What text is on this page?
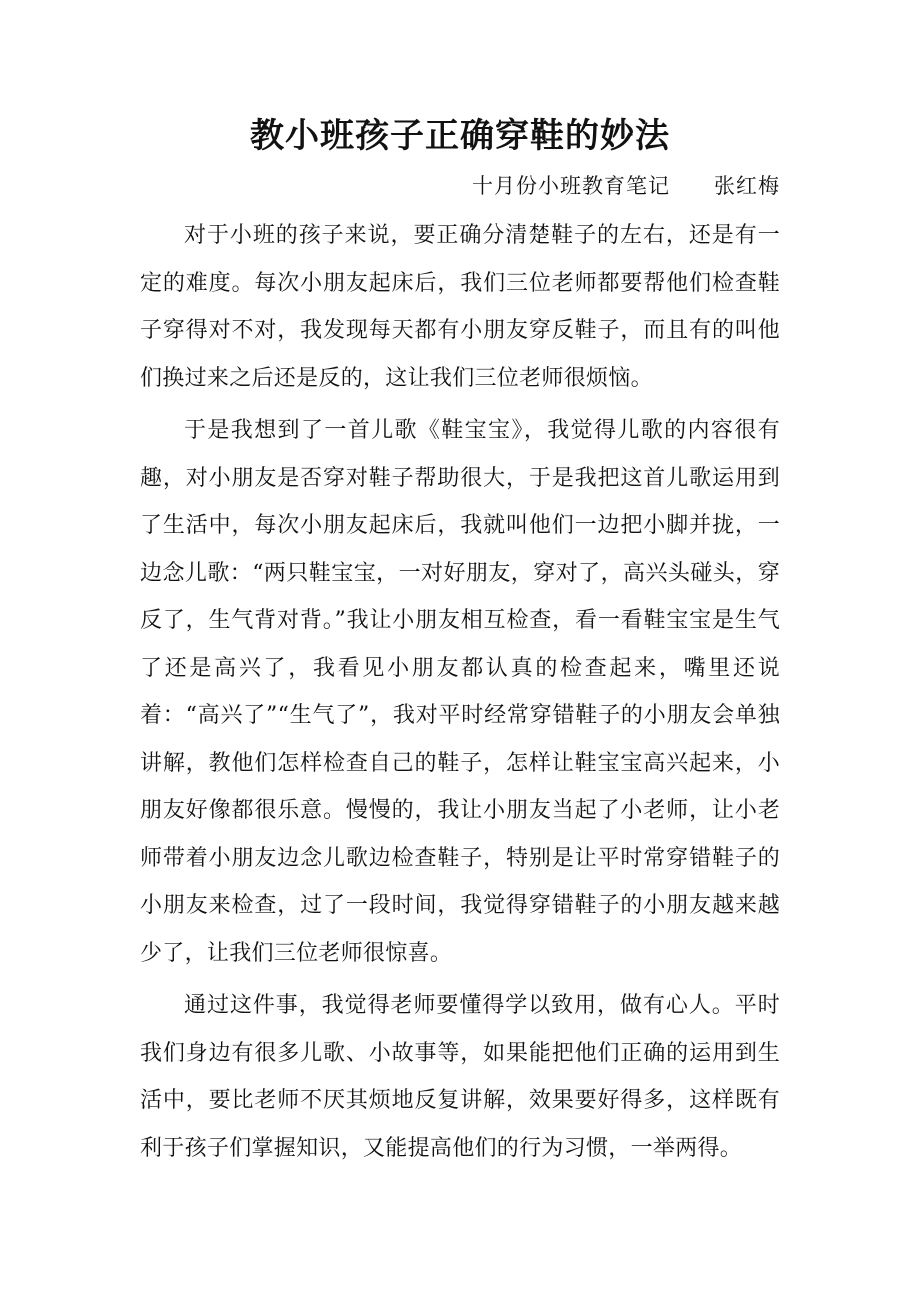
教小班孩子正确穿鞋的妙法
十月份小班教育笔记　　张红梅

对于小班的孩子来说，要正确分清楚鞋子的左右，还是有一定的难度。每次小朋友起床后，我们三位老师都要帮他们检查鞋子穿得对不对，我发现每天都有小朋友穿反鞋子，而且有的叫他们换过来之后还是反的，这让我们三位老师很烦恼。

于是我想到了一首儿歌《鞋宝宝》，我觉得儿歌的内容很有趣，对小朋友是否穿对鞋子帮助很大，于是我把这首儿歌运用到了生活中，每次小朋友起床后，我就叫他们一边把小脚并拢，一边念儿歌：“两只鞋宝宝，一对好朋友，穿对了，高兴头碰头，穿反了，生气背对背。”我让小朋友相互检查，看一看鞋宝宝是生气了还是高兴了，我看见小朋友都认真的检查起来，嘴里还说着：“高兴了”“生气了”，我对平时经常穿错鞋子的小朋友会单独讲解，教他们怎样检查自己的鞋子，怎样让鞋宝宝高兴起来，小朋友好像都很乐意。慢慢的，我让小朋友当起了小老师，让小老师带着小朋友边念儿歌边检查鞋子，特别是让平时常穿错鞋子的小朋友来检查，过了一段时间，我觉得穿错鞋子的小朋友越来越少了，让我们三位老师很惊喜。

通过这件事，我觉得老师要懂得学以致用，做有心人。平时我们身边有很多儿歌、小故事等，如果能把他们正确的运用到生活中，要比老师不厌其烦地反复讲解，效果要好得多，这样既有利于孩子们掌握知识，又能提高他们的行为习惯，一举两得。
